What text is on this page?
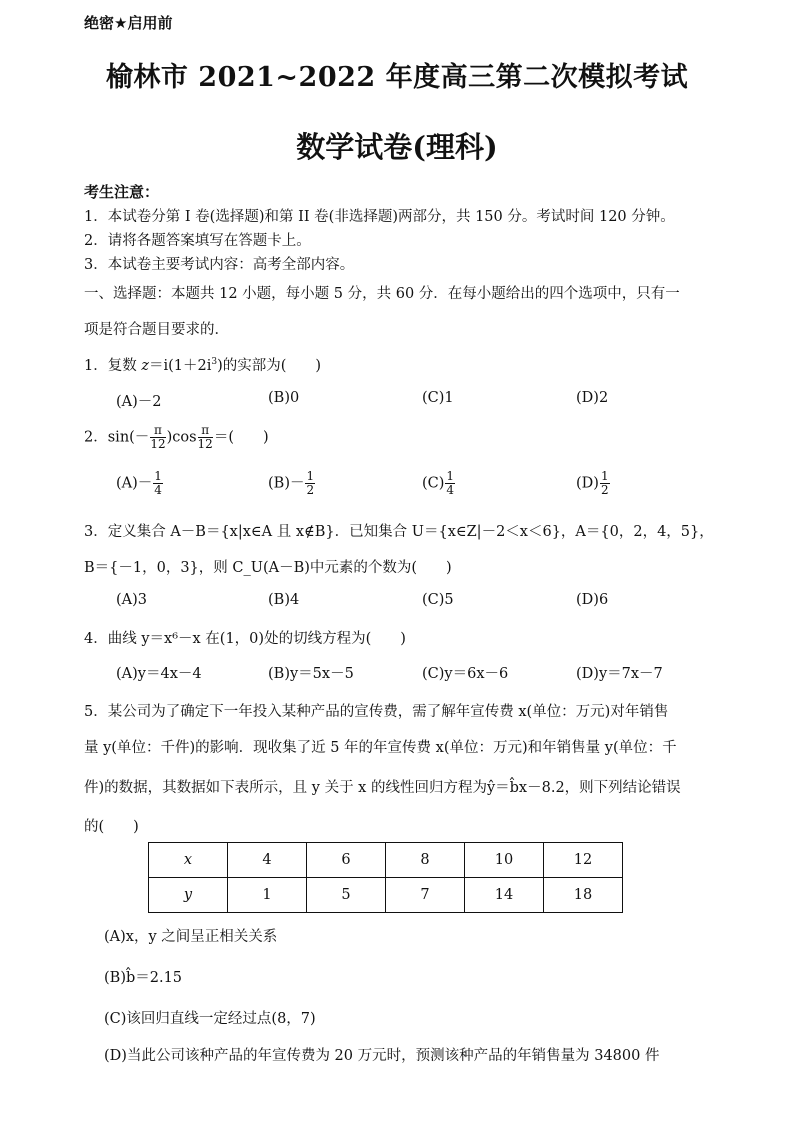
绝密★启用前
榆林市 2021~2022 年度高三第二次模拟考试
数学试卷(理科)
考生注意：
1．本试卷分第 I 卷(选择题)和第 II 卷(非选择题)两部分，共 150 分。考试时间 120 分钟。
2．请将各题答案填写在答题卡上。
3．本试卷主要考试内容：高考全部内容。
一、选择题：本题共 12 小题，每小题 5 分，共 60 分．在每小题给出的四个选项中，只有一
项是符合题目要求的．
1．复数 $z=i(1+2i^3)$的实部为(　　)
(A)－2	(B)0	(C)1	(D)2
2．$\sin(- \frac{\pi}{12} )\cos \frac{\pi}{12}$ ＝(　　)
$(A)- \frac{1}{4}$	$(B)- \frac{1}{2}$	$(C) \frac{1}{4}$	$(D) \frac{1}{2}$
3．定义集合 A－B＝{x|x∈A 且 x∉B}．已知集合 U＝{x∈Z|－2＜x＜6}，A＝{0，2，4，5}，
B＝{－1，0，3}，则 C_U(A－B)中元素的个数为(　　)
(A)3	(B)4	(C)5	(D)6
4．曲线 y＝x⁶－x 在(1，0)处的切线方程为(　　)
(A)y＝4x－4	(B)y＝5x－5	(C)y＝6x－6	(D)y＝7x－7
5．某公司为了确定下一年投入某种产品的宣传费，需了解年宣传费 x(单位：万元)对年销售
量 y(单位：千件)的影响．现收集了近 5 年的年宣传费 x(单位：万元)和年销售量 y(单位：千
件)的数据，其数据如下表所示，且 y 关于 x 的线性回归方程为ŷ＝b̂x－8.2，则下列结论错误
的(　　)
x	4	6	8	10	12
y	1	5	7	14	18
(A)x，y 之间呈正相关关系
(B)b̂＝2.15
(C)该回归直线一定经过点(8，7)
(D)当此公司该种产品的年宣传费为 20 万元时，预测该种产品的年销售量为 34800 件
